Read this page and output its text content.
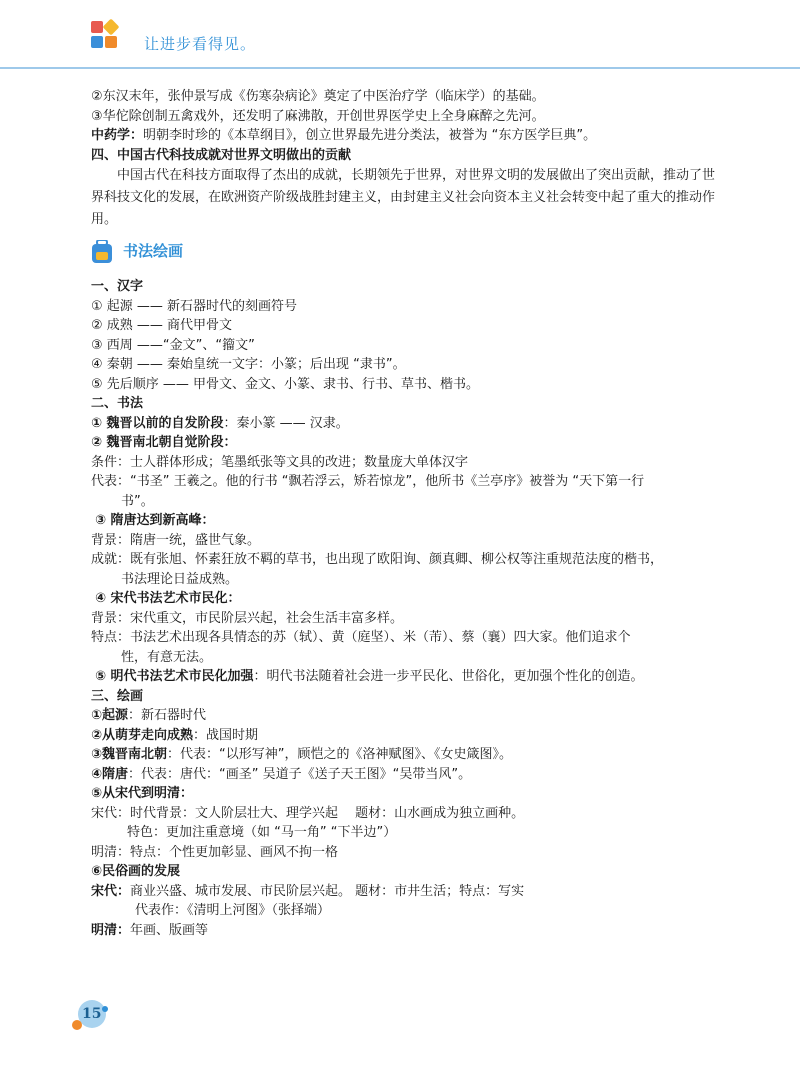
让进步看得见。
②东汉末年，张仲景写成《伤寒杂病论》奠定了中医治疗学（临床学）的基础。
③华佗除创制五禽戏外，还发明了麻沸散，开创世界医学史上全身麻醉之先河。
中药学：明朝李时珍的《本草纲目》，创立世界最先进分类法，被誉为 “东方医学巨典”。
四、中国古代科技成就对世界文明做出的贡献
中国古代在科技方面取得了杰出的成就，长期领先于世界，对世界文明的发展做出了突出贡献，推动了世界科技文化的发展，在欧洲资产阶级战胜封建主义，由封建主义社会向资本主义社会转变中起了重大的推动作用。
书法绘画
一、汉字
① 起源 —— 新石器时代的刻画符号
② 成熟 —— 商代甲骨文
③ 西周 ——“金文”、“籀文”
④ 秦朝 —— 秦始皇统一文字：小篆；后出现 “隶书”。
⑤ 先后顺序 —— 甲骨文、金文、小篆、隶书、行书、草书、楷书。
二、书法
① 魏晋以前的自发阶段：秦小篆 —— 汉隶。
② 魏晋南北朝自觉阶段：
条件：士人群体形成；笔墨纸张等文具的改进；数量庞大单体汉字
代表：“书圣” 王羲之。他的行书 “飘若浮云，矫若惊龙”，他所书《兰亭序》被誉为 “天下第一行
书”。
③ 隋唐达到新高峰：
背景：隋唐一统，盛世气象。
成就：既有张旭、怀素狂放不羁的草书，也出现了欧阳询、颜真卿、柳公权等注重规范法度的楷书，
书法理论日益成熟。
④ 宋代书法艺术市民化：
背景：宋代重文，市民阶层兴起，社会生活丰富多样。
特点：书法艺术出现各具情态的苏（轼）、黄（庭坚）、米（芾）、蔡（襄）四大家。他们追求个
性，有意无法。
⑤ 明代书法艺术市民化加强：明代书法随着社会进一步平民化、世俗化，更加强个性化的创造。
三、绘画
①起源：新石器时代
②从萌芽走向成熟：战国时期
③魏晋南北朝：代表：“以形写神”，顾恺之的《洛神赋图》、《女史箴图》。
④隋唐：代表：唐代：“画圣” 吴道子《送子天王图》“吴带当风”。
⑤从宋代到明清：
宋代：时代背景：文人阶层壮大、理学兴起　 题材：山水画成为独立画种。
特色：更加注重意境（如 “马一角” “下半边”）
明清：特点：个性更加彰显、画风不拘一格
⑥民俗画的发展
宋代：商业兴盛、城市发展、市民阶层兴起。 题材：市井生活；特点：写实
代表作：《清明上河图》（张择端）
明清：年画、版画等
15
